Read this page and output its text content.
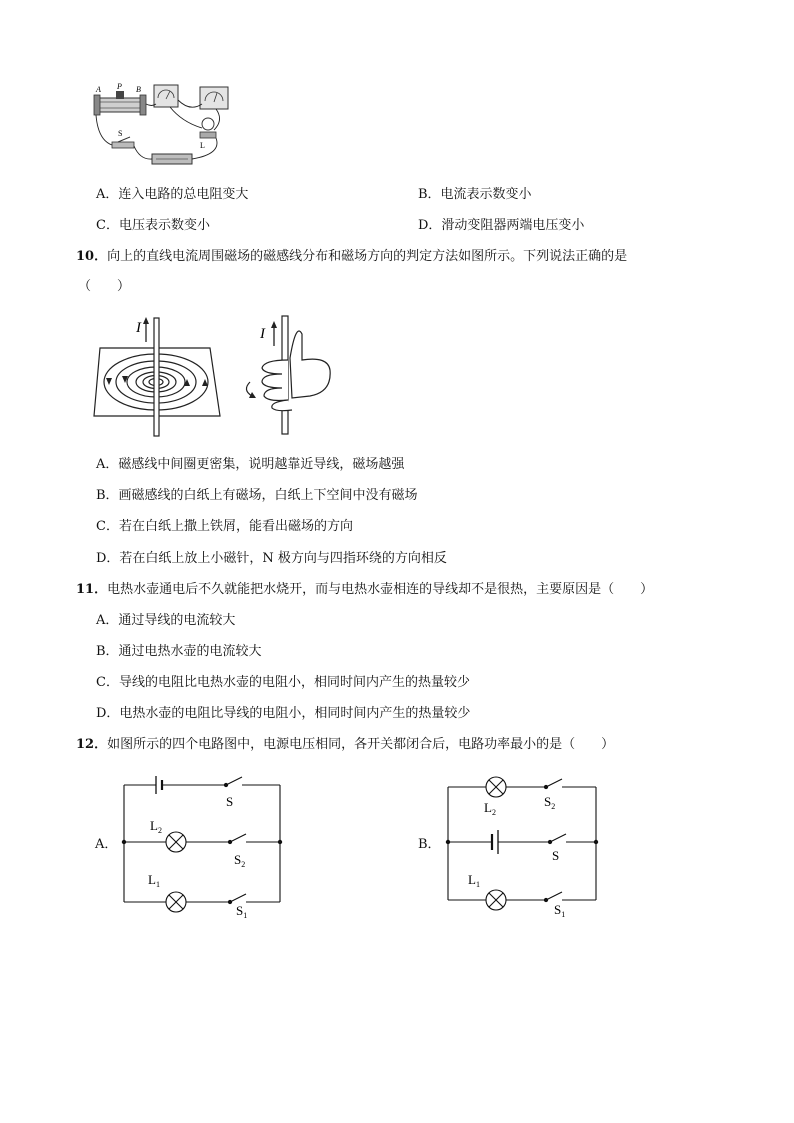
A P B
L
S
A．连入电路的总电阻变大	B．电流表示数变小
C．电压表示数变小	D．滑动变阻器两端电压变小
10．向上的直线电流周围磁场的磁感线分布和磁场方向的判定方法如图所示。下列说法正确的是
（　　）
I	I
A．磁感线中间圈更密集，说明越靠近导线，磁场越强
B．画磁感线的白纸上有磁场，白纸上下空间中没有磁场
C．若在白纸上撒上铁屑，能看出磁场的方向
D．若在白纸上放上小磁针，N 极方向与四指环绕的方向相反
11．电热水壶通电后不久就能把水烧开，而与电热水壶相连的导线却不是很热，主要原因是（　　）
A．通过导线的电流较大
B．通过电热水壶的电流较大
C．导线的电阻比电热水壶的电阻小，相同时间内产生的热量较少
D．电热水壶的电阻比导线的电阻小，相同时间内产生的热量较少
12．如图所示的四个电路图中，电源电压相同，各开关都闭合后，电路功率最小的是（　　）
A．
S
$L_2$
$S_2$
$L_1$
$S_1$
B．
$L_2$
$S_2$
S
$L_1$
$S_1$
